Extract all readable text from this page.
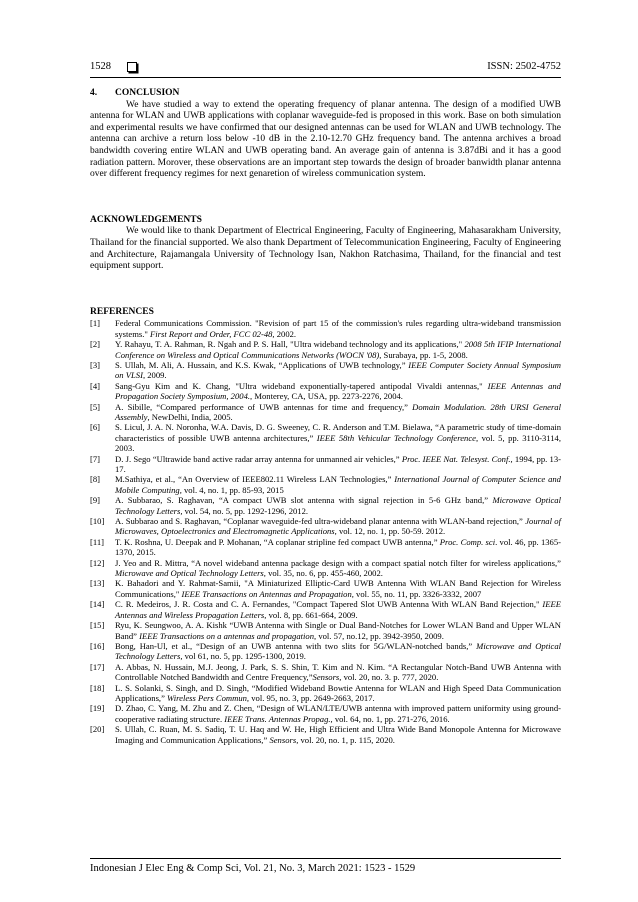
1528	ISSN: 2502-4752
4. CONCLUSION

We have studied a way to extend the operating frequency of planar antenna. The design of a modified UWB antenna for WLAN and UWB applications with coplanar waveguide-fed is proposed in this work. Base on both simulation and experimental results we have confirmed that our designed antennas can be used for WLAN and UWB technology. The antenna can archive a return loss below -10 dB in the 2.10-12.70 GHz frequency band. The antenna archives a broad bandwidth covering entire WLAN and UWB operating band. An average gain of antenna is 3.87dBi and it has a good radiation pattern. Morover, these observations are an important step towards the design of broader banwidth planar antenna over different frequency regimes for next genaretion of wireless communication system.

ACKNOWLEDGEMENTS

We would like to thank Department of Electrical Engineering, Faculty of Engineering, Mahasarakham University, Thailand for the financial supported. We also thank Department of Telecommunication Engineering, Faculty of Engineering and Architecture, Rajamangala University of Technology Isan, Nakhon Ratchasima, Thailand, for the financial and test equipment support.

REFERENCES
[1] Federal Communications Commission. "Revision of part 15 of the commission's rules regarding ultra-wideband transmission systems." First Report and Order, FCC 02-48, 2002.
[2] Y. Rahayu, T. A. Rahman, R. Ngah and P. S. Hall, "Ultra wideband technology and its applications," 2008 5th IFIP International Conference on Wireless and Optical Communications Networks (WOCN '08), Surabaya, pp. 1-5, 2008.
[3] S. Ullah, M. Ali, A. Hussain, and K.S. Kwak, “Applications of UWB technology,” IEEE Computer Society Annual Symposium on VLSI, 2009.
[4] Sang-Gyu Kim and K. Chang, "Ultra wideband exponentially-tapered antipodal Vivaldi antennas," IEEE Antennas and Propagation Society Symposium, 2004., Monterey, CA, USA, pp. 2273-2276, 2004.
[5] A. Sibille, “Compared performance of UWB antennas for time and frequency,” Domain Modulation. 28th URSI General Assembly, NewDelhi, India, 2005.
[6] S. Licul, J. A. N. Noronha, W.A. Davis, D. G. Sweeney, C. R. Anderson and T.M. Bielawa, “A parametric study of time-domain characteristics of possible UWB antenna architectures,” IEEE 58th Vehicular Technology Conference, vol. 5, pp. 3110-3114, 2003.
[7] D. J. Sego “Ultrawide band active radar array antenna for unmanned air vehicles,” Proc. IEEE Nat. Telesyst. Conf., 1994, pp. 13-17.
[8] M.Sathiya, et al., “An Overview of IEEE802.11 Wireless LAN Technologies,” International Journal of Computer Science and Mobile Computing, vol. 4, no. 1, pp. 85-93, 2015
[9] A. Subbarao, S. Raghavan, “A compact UWB slot antenna with signal rejection in 5-6 GHz band,” Microwave Optical Technology Letters, vol. 54, no. 5, pp. 1292-1296, 2012.
[10] A. Subbarao and S. Raghavan, “Coplanar waveguide-fed ultra-wideband planar antenna with WLAN-band rejection,” Journal of Microwaves, Optoelectronics and Electromagnetic Applications, vol. 12, no. 1, pp. 50-59. 2012.
[11] T. K. Roshna, U. Deepak and P. Mohanan, “A coplanar stripline fed compact UWB antenna,” Proc. Comp. sci. vol. 46, pp. 1365-1370, 2015.
[12] J. Yeo and R. Mittra, “A novel wideband antenna package design with a compact spatial notch filter for wireless applications,” Microwave and Optical Technology Letters, vol. 35, no. 6, pp. 455-460, 2002.
[13] K. Bahadori and Y. Rahmat-Samii, "A Miniaturized Elliptic-Card UWB Antenna With WLAN Band Rejection for Wireless Communications," IEEE Transactions on Antennas and Propagation, vol. 55, no. 11, pp. 3326-3332, 2007
[14] C. R. Medeiros, J. R. Costa and C. A. Fernandes, "Compact Tapered Slot UWB Antenna With WLAN Band Rejection," IEEE Antennas and Wireless Propagation Letters, vol. 8, pp. 661-664, 2009.
[15] Ryu, K. Seungwoo, A. A. Kishk “UWB Antenna with Single or Dual Band-Notches for Lower WLAN Band and Upper WLAN Band” IEEE Transactions on a antennas and propagation, vol. 57, no.12, pp. 3942-3950, 2009.
[16] Bong, Han-Ul, et al., “Design of an UWB antenna with two slits for 5G/WLAN-notched bands,” Microwave and Optical Technology Letters, vol 61, no. 5, pp. 1295-1300, 2019.
[17] A. Abbas, N. Hussain, M.J. Jeong, J. Park, S. S. Shin, T. Kim and N. Kim. “A Rectangular Notch-Band UWB Antenna with Controllable Notched Bandwidth and Centre Frequency,”Sensors, vol. 20, no. 3. p. 777, 2020.
[18] L. S. Solanki, S. Singh, and D. Singh, “Modified Wideband Bowtie Antenna for WLAN and High Speed Data Communication Applications,” Wireless Pers Commun, vol. 95, no. 3, pp. 2649-2663, 2017.
[19] D. Zhao, C. Yang, M. Zhu and Z. Chen, “Design of WLAN/LTE/UWB antenna with improved pattern uniformity using ground-cooperative radiating structure. IEEE Trans. Antennas Propag., vol. 64, no. 1, pp. 271-276, 2016.
[20] S. Ullah, C. Ruan, M. S. Sadiq, T. U. Haq and W. He, High Efficient and Ultra Wide Band Monopole Antenna for Microwave Imaging and Communication Applications,” Sensors, vol. 20, no. 1, p. 115, 2020.
Indonesian J Elec Eng & Comp Sci, Vol. 21, No. 3, March 2021: 1523 - 1529
